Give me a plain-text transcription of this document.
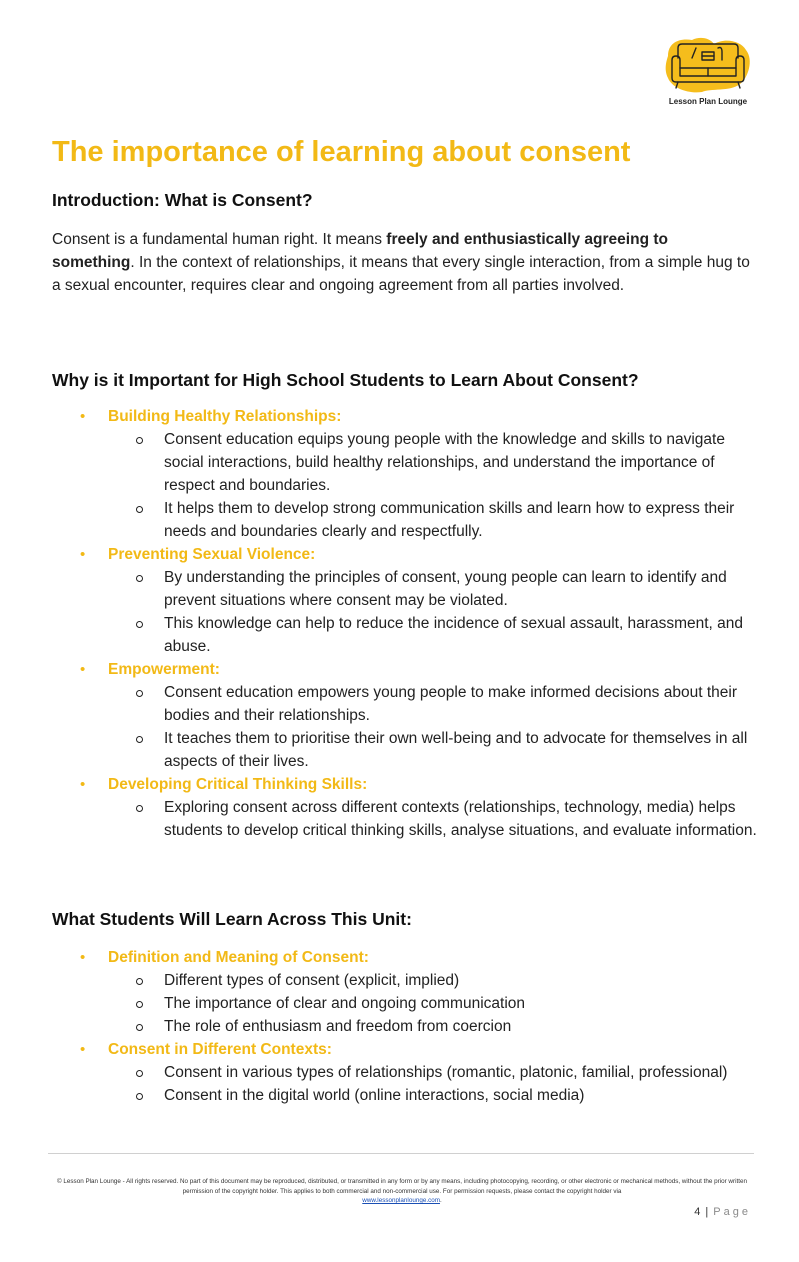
Lesson Plan Lounge
The importance of learning about consent
Introduction: What is Consent?

Consent is a fundamental human right. It means freely and enthusiastically agreeing to something. In the context of relationships, it means that every single interaction, from a simple hug to a sexual encounter, requires clear and ongoing agreement from all parties involved.

Why is it Important for High School Students to Learn About Consent?
• Building Healthy Relationships:
Consent education equips young people with the knowledge and skills to navigate social interactions, build healthy relationships, and understand the importance of respect and boundaries.
It helps them to develop strong communication skills and learn how to express their needs and boundaries clearly and respectfully.
• Preventing Sexual Violence:
By understanding the principles of consent, young people can learn to identify and prevent situations where consent may be violated.
This knowledge can help to reduce the incidence of sexual assault, harassment, and abuse.
• Empowerment:
Consent education empowers young people to make informed decisions about their bodies and their relationships.
It teaches them to prioritise their own well-being and to advocate for themselves in all aspects of their lives.
• Developing Critical Thinking Skills:
Exploring consent across different contexts (relationships, technology, media) helps students to develop critical thinking skills, analyse situations, and evaluate information.
What Students Will Learn Across This Unit:
• Definition and Meaning of Consent:
Different types of consent (explicit, implied)
The importance of clear and ongoing communication
The role of enthusiasm and freedom from coercion
• Consent in Different Contexts:
Consent in various types of relationships (romantic, platonic, familial, professional)
Consent in the digital world (online interactions, social media)
© Lesson Plan Lounge - All rights reserved. No part of this document may be reproduced, distributed, or transmitted in any form or by any means, including photocopying, recording, or other electronic or mechanical methods, without the prior written permission of the copyright holder. This applies to both commercial and non-commercial use. For permission requests, please contact the copyright holder via
www.lessonplanlounge.com.
4 | Page
